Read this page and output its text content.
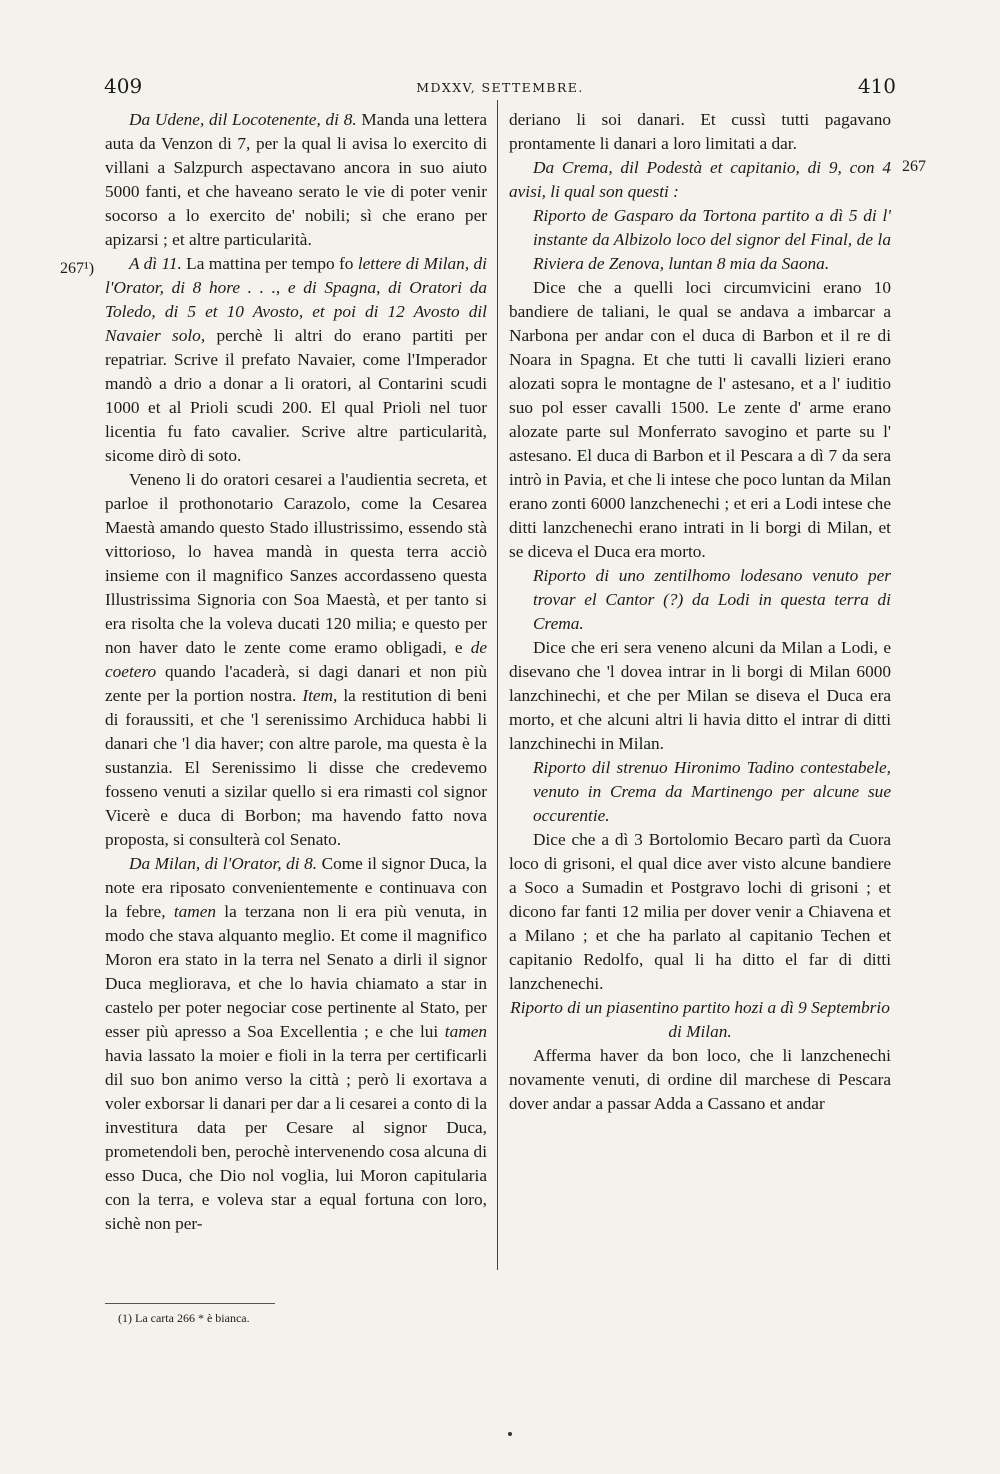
409	MDXXV, SETTEMBRE.	410
267¹)
267

Da Udene, dil Locotenente, di 8. Manda una lettera auta da Venzon di 7, per la qual li avisa lo exercito di villani a Salzpurch aspectavano ancora in suo aiuto 5000 fanti, et che haveano serato le vie di poter venir socorso a lo exercito de' nobili; sì che erano per apizarsi ; et altre particularità.

A dì 11. La mattina per tempo fo lettere di Milan, di l'Orator, di 8 hore . . ., e di Spagna, di Oratori da Toledo, di 5 et 10 Avosto, et poi di 12 Avosto dil Navaier solo, perchè li altri do erano partiti per repatriar. Scrive il prefato Navaier, come l'Imperador mandò a drio a donar a li oratori, al Contarini scudi 1000 et al Prioli scudi 200. El qual Prioli nel tuor licentia fu fato cavalier. Scrive altre particularità, sicome dirò di soto.

Veneno li do oratori cesarei a l'audientia secreta, et parloe il prothonotario Carazolo, come la Cesarea Maestà amando questo Stado illustrissimo, essendo stà vittorioso, lo havea mandà in questa terra acciò insieme con il magnifico Sanzes accordasseno questa Illustrissima Signoria con Soa Maestà, et per tanto si era risolta che la voleva ducati 120 milia; e questo per non haver dato le zente come eramo obligadi, e de coetero quando l'acaderà, si dagi danari et non più zente per la portion nostra. Item, la restitution di beni di foraussiti, et che 'l serenissimo Archiduca habbi li danari che 'l dia haver; con altre parole, ma questa è la sustanzia. El Serenissimo li disse che credevemo fosseno venuti a sizilar quello si era rimasti col signor Vicerè e duca di Borbon; ma havendo fatto nova proposta, si consulterà col Senato.

Da Milan, di l'Orator, di 8. Come il signor Duca, la note era riposato convenientemente e continuava con la febre, tamen la terzana non li era più venuta, in modo che stava alquanto meglio. Et come il magnifico Moron era stato in la terra nel Senato a dirli il signor Duca megliorava, et che lo havia chiamato a star in castelo per poter negociar cose pertinente al Stato, per esser più apresso a Soa Excellentia ; e che lui tamen havia lassato la moier e fioli in la terra per certificarli dil suo bon animo verso la città ; però li exortava a voler exborsar li danari per dar a li cesarei a conto di la investitura data per Cesare al signor Duca, prometendoli ben, perochè intervenendo cosa alcuna di esso Duca, che Dio nol voglia, lui Moron capitularia con la terra, e voleva star a equal fortuna con loro, sichè non per-

deriano li soi danari. Et cussì tutti pagavano prontamente li danari a loro limitati a dar.

Da Crema, dil Podestà et capitanio, di 9, con 4 avisi, li qual son questi :

Riporto de Gasparo da Tortona partito a dì 5 di l' instante da Albizolo loco del signor del Final, de la Riviera de Zenova, luntan 8 mia da Saona.

Dice che a quelli loci circumvicini erano 10 bandiere de taliani, le qual se andava a imbarcar a Narbona per andar con el duca di Barbon et il re di Noara in Spagna. Et che tutti li cavalli lizieri erano alozati sopra le montagne de l' astesano, et a l' iuditio suo pol esser cavalli 1500. Le zente d' arme erano alozate parte sul Monferrato savogino et parte su l' astesano. El duca di Barbon et il Pescara a dì 7 da sera intrò in Pavia, et che li intese che poco luntan da Milan erano zonti 6000 lanzchenechi ; et eri a Lodi intese che ditti lanzchenechi erano intrati in li borgi di Milan, et se diceva el Duca era morto.

Riporto di uno zentilhomo lodesano venuto per trovar el Cantor (?) da Lodi in questa terra di Crema.

Dice che eri sera veneno alcuni da Milan a Lodi, e disevano che 'l dovea intrar in li borgi di Milan 6000 lanzchinechi, et che per Milan se diseva el Duca era morto, et che alcuni altri li havia ditto el intrar di ditti lanzchinechi in Milan.

Riporto dil strenuo Hironimo Tadino contestabele, venuto in Crema da Martinengo per alcune sue occurentie.

Dice che a dì 3 Bortolomio Becaro partì da Cuora loco di grisoni, el qual dice aver visto alcune bandiere a Soco a Sumadin et Postgravo lochi di grisoni ; et dicono far fanti 12 milia per dover venir a Chiavena et a Milano ; et che ha parlato al capitanio Techen et capitanio Redolfo, qual li ha ditto el far di ditti lanzchenechi.

Riporto di un piasentino partito hozi a dì 9 Septembrio di Milan.

Afferma haver da bon loco, che li lanzchenechi novamente venuti, di ordine dil marchese di Pescara dover andar a passar Adda a Cassano et andar

(1) La carta 266 * è bianca.
